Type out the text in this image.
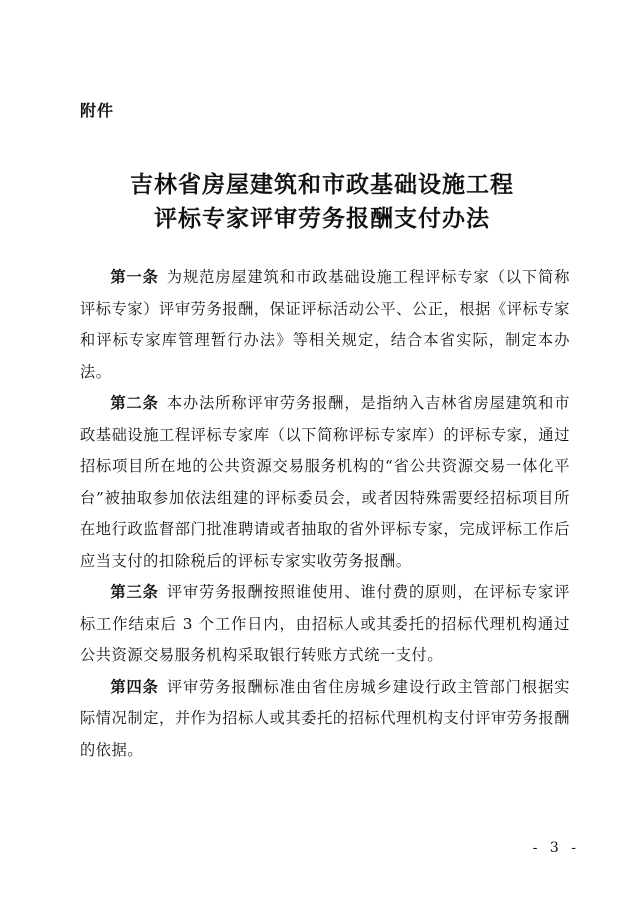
附件
吉林省房屋建筑和市政基础设施工程
评标专家评审劳务报酬支付办法

第一条 为规范房屋建筑和市政基础设施工程评标专家（以下简称评标专家）评审劳务报酬，保证评标活动公平、公正，根据《评标专家和评标专家库管理暂行办法》等相关规定，结合本省实际，制定本办法。

第二条 本办法所称评审劳务报酬，是指纳入吉林省房屋建筑和市政基础设施工程评标专家库（以下简称评标专家库）的评标专家，通过招标项目所在地的公共资源交易服务机构的“省公共资源交易一体化平台”被抽取参加依法组建的评标委员会，或者因特殊需要经招标项目所在地行政监督部门批准聘请或者抽取的省外评标专家，完成评标工作后应当支付的扣除税后的评标专家实收劳务报酬。

第三条 评审劳务报酬按照谁使用、谁付费的原则，在评标专家评标工作结束后 3 个工作日内，由招标人或其委托的招标代理机构通过公共资源交易服务机构采取银行转账方式统一支付。

第四条 评审劳务报酬标准由省住房城乡建设行政主管部门根据实际情况制定，并作为招标人或其委托的招标代理机构支付评审劳务报酬的依据。

- 3 -
